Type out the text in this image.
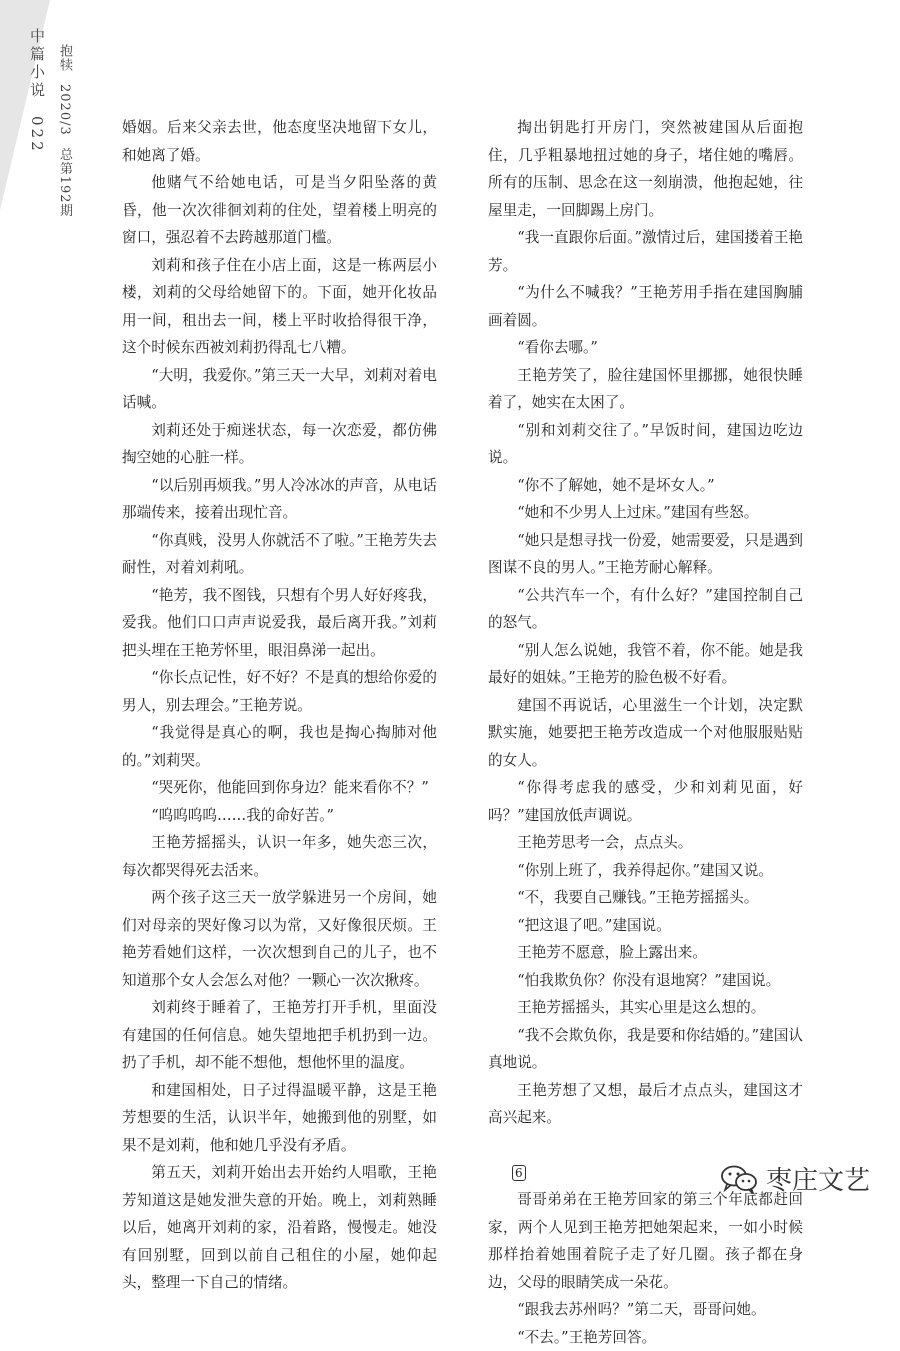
中篇小说022
抱犊2020/3总第192期

婚姻。后来父亲去世，他态度坚决地留下女儿，和她离了婚。

他赌气不给她电话，可是当夕阳坠落的黄昏，他一次次徘徊刘莉的住处，望着楼上明亮的窗口，强忍着不去跨越那道门槛。

刘莉和孩子住在小店上面，这是一栋两层小楼，刘莉的父母给她留下的。下面，她开化妆品用一间，租出去一间，楼上平时收拾得很干净，这个时候东西被刘莉扔得乱七八糟。

“大明，我爱你。”第三天一大早，刘莉对着电话喊。

刘莉还处于痴迷状态，每一次恋爱，都仿佛掏空她的心脏一样。

“以后别再烦我。”男人冷冰冰的声音，从电话那端传来，接着出现忙音。

“你真贱，没男人你就活不了啦。”王艳芳失去耐性，对着刘莉吼。

“艳芳，我不图钱，只想有个男人好好疼我，爱我。他们口口声声说爱我，最后离开我。”刘莉把头埋在王艳芳怀里，眼泪鼻涕一起出。

“你长点记性，好不好？不是真的想给你爱的男人，别去理会。”王艳芳说。

“我觉得是真心的啊，我也是掏心掏肺对他的。”刘莉哭。

“哭死你，他能回到你身边？能来看你不？”

“呜呜呜呜……我的命好苦。”

王艳芳摇摇头，认识一年多，她失恋三次，每次都哭得死去活来。

两个孩子这三天一放学躲进另一个房间，她们对母亲的哭好像习以为常，又好像很厌烦。王艳芳看她们这样，一次次想到自己的儿子，也不知道那个女人会怎么对他？一颗心一次次揪疼。

刘莉终于睡着了，王艳芳打开手机，里面没有建国的任何信息。她失望地把手机扔到一边。扔了手机，却不能不想他，想他怀里的温度。

和建国相处，日子过得温暖平静，这是王艳芳想要的生活，认识半年，她搬到他的别墅，如果不是刘莉，他和她几乎没有矛盾。

第五天，刘莉开始出去开始约人唱歌，王艳芳知道这是她发泄失意的开始。晚上，刘莉熟睡以后，她离开刘莉的家，沿着路，慢慢走。她没有回别墅，回到以前自己租住的小屋，她仰起头，整理一下自己的情绪。

掏出钥匙打开房门，突然被建国从后面抱住，几乎粗暴地扭过她的身子，堵住她的嘴唇。所有的压制、思念在这一刻崩溃，他抱起她，往屋里走，一回脚踢上房门。

“我一直跟你后面。”激情过后，建国搂着王艳芳。

“为什么不喊我？”王艳芳用手指在建国胸脯画着圆。

“看你去哪。”

王艳芳笑了，脸往建国怀里挪挪，她很快睡着了，她实在太困了。

“别和刘莉交往了。”早饭时间，建国边吃边说。

“你不了解她，她不是坏女人。”

“她和不少男人上过床。”建国有些怒。

“她只是想寻找一份爱，她需要爱，只是遇到图谋不良的男人。”王艳芳耐心解释。

“公共汽车一个，有什么好？”建国控制自己的怒气。

“别人怎么说她，我管不着，你不能。她是我最好的姐妹。”王艳芳的脸色极不好看。

建国不再说话，心里滋生一个计划，决定默默实施，她要把王艳芳改造成一个对他服服贴贴的女人。

“你得考虑我的感受，少和刘莉见面，好吗？”建国放低声调说。

王艳芳思考一会，点点头。

“你别上班了，我养得起你。”建国又说。

“不，我要自己赚钱。”王艳芳摇摇头。

“把这退了吧。”建国说。

王艳芳不愿意，脸上露出来。

“怕我欺负你？你没有退地窝？”建国说。

王艳芳摇摇头，其实心里是这么想的。

“我不会欺负你，我是要和你结婚的。”建国认真地说。

王艳芳想了又想，最后才点点头，建国这才高兴起来。

6

哥哥弟弟在王艳芳回家的第三个年底都赶回家，两个人见到王艳芳把她架起来，一如小时候那样抬着她围着院子走了好几圈。孩子都在身边，父母的眼睛笑成一朵花。

“跟我去苏州吗？”第二天，哥哥问她。

“不去。”王艳芳回答。

枣庄文艺
